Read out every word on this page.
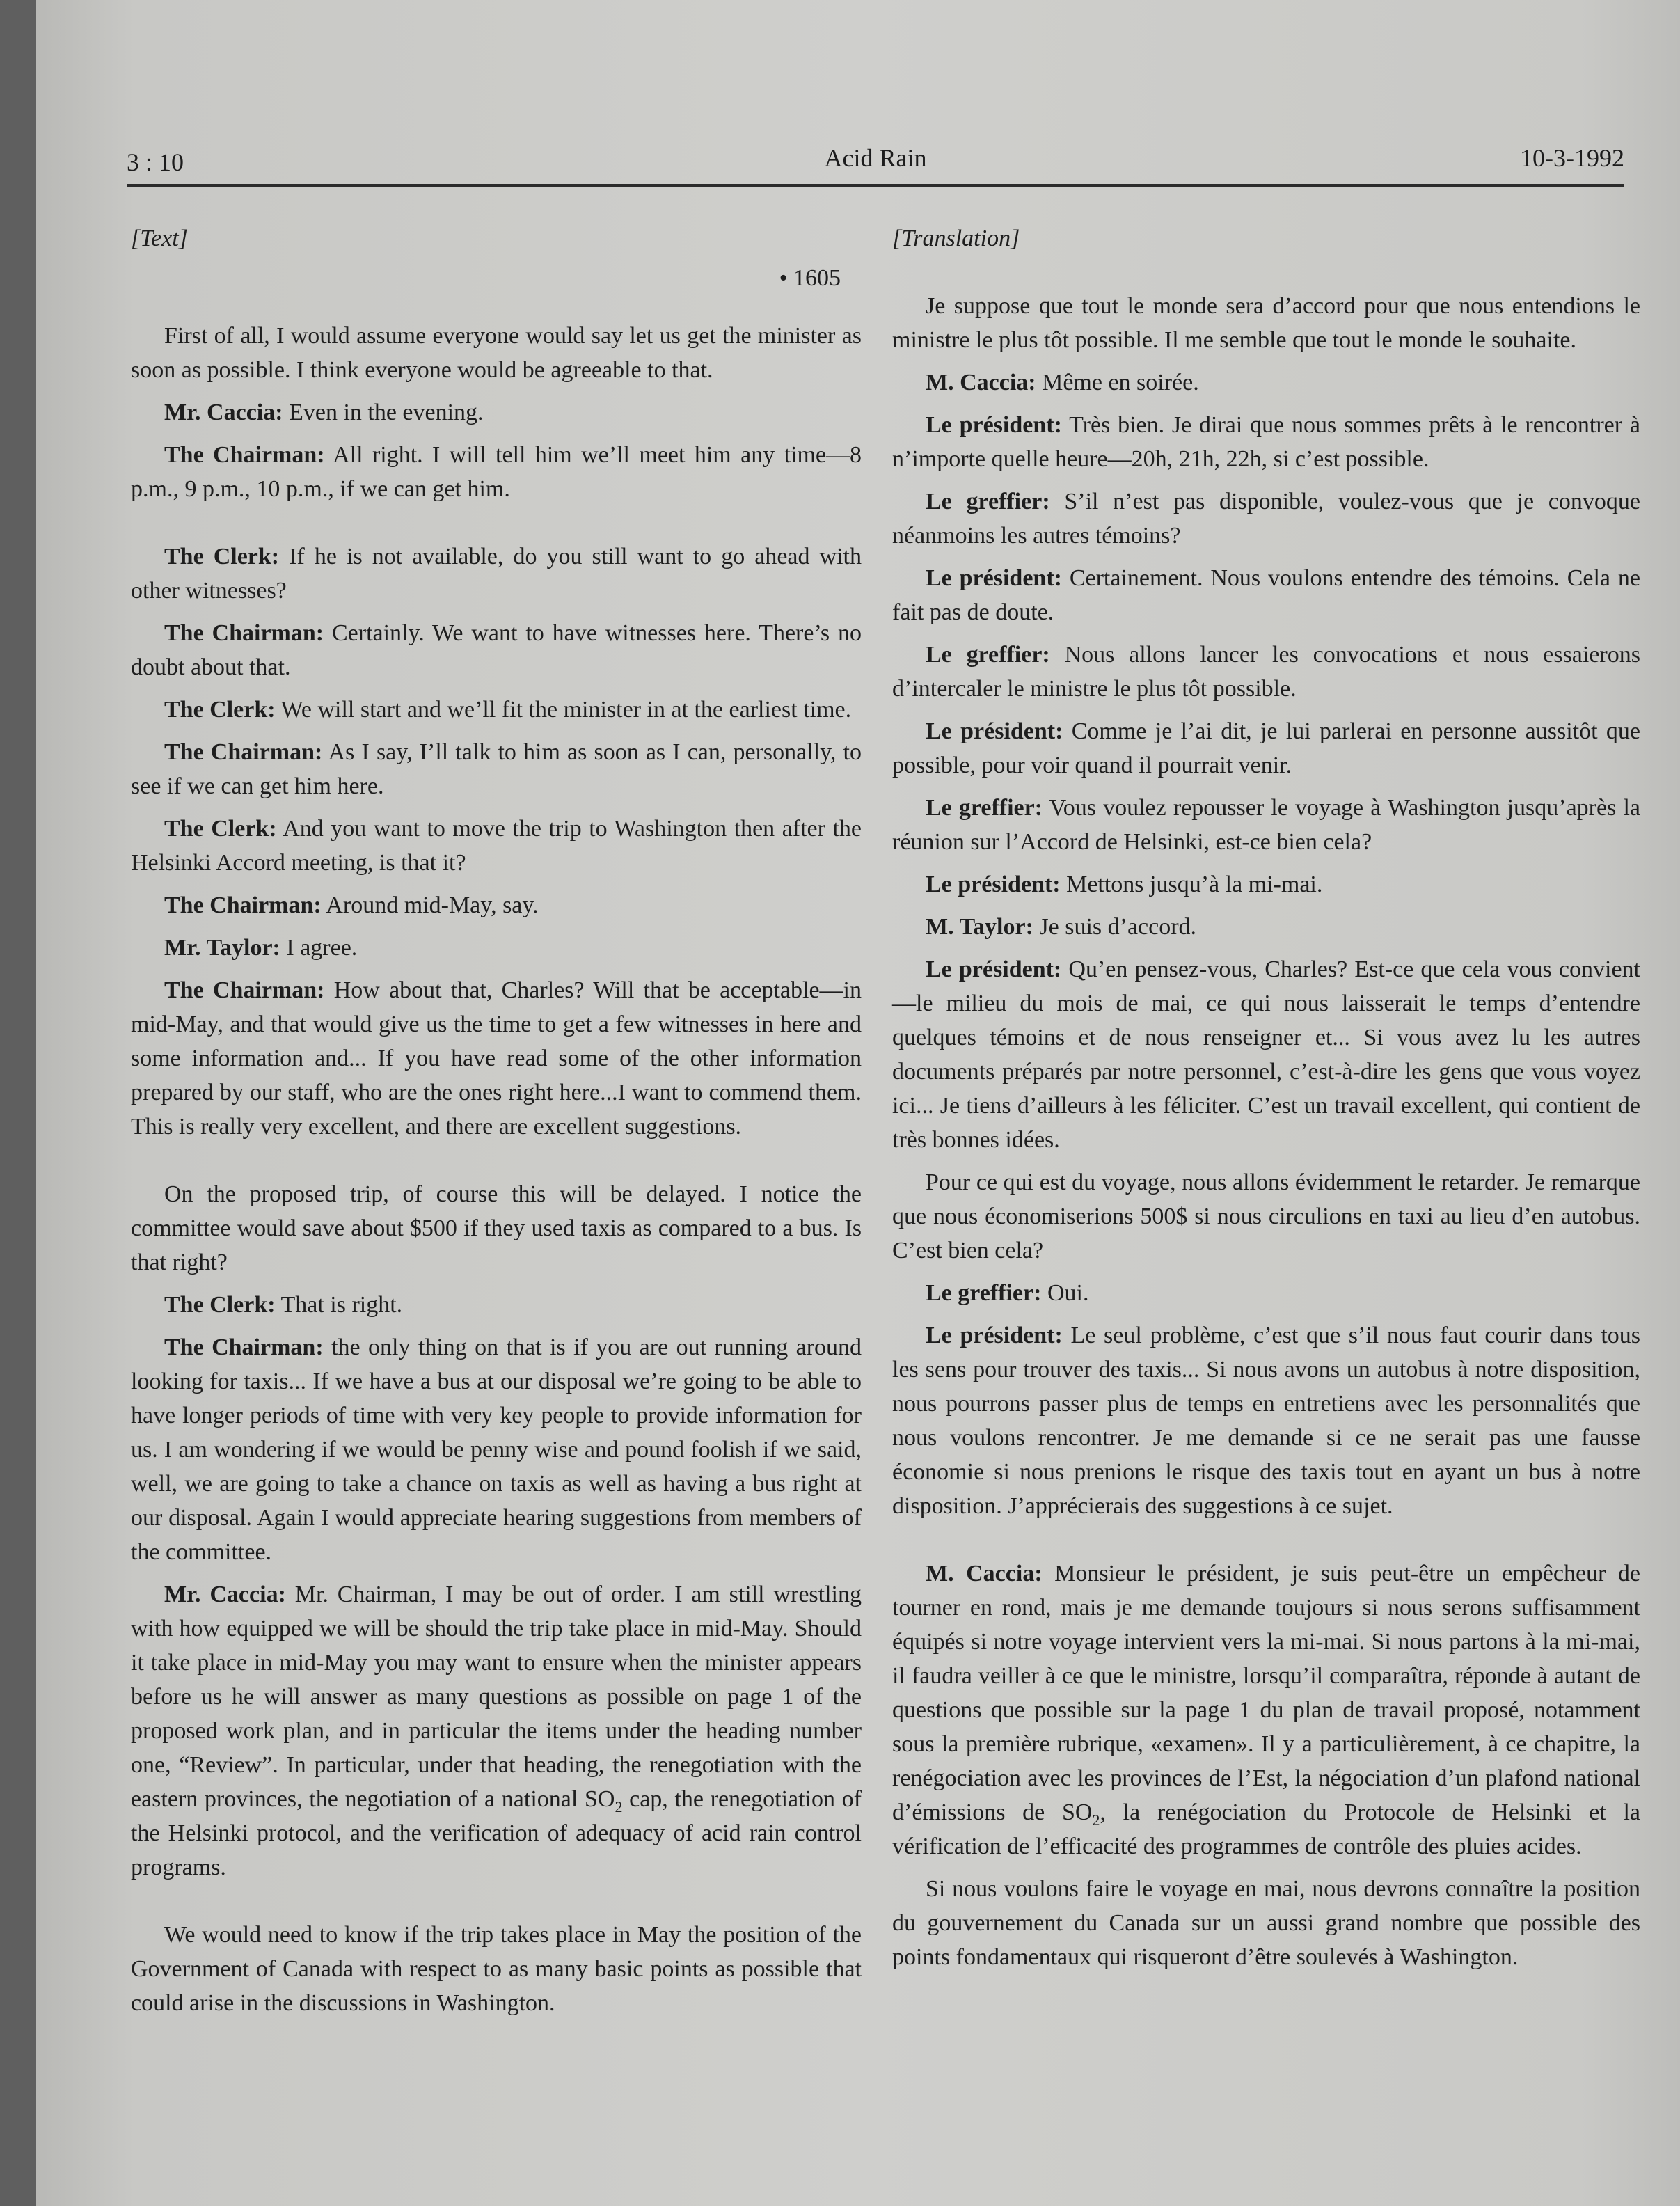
3 : 10	Acid Rain	10-3-1992
[Text]
• 1605

First of all, I would assume everyone would say let us get the minister as soon as possible. I think everyone would be agreeable to that.

Mr. Caccia: Even in the evening.

The Chairman: All right. I will tell him we’ll meet him any time—8 p.m., 9 p.m., 10 p.m., if we can get him.

The Clerk: If he is not available, do you still want to go ahead with other witnesses?

The Chairman: Certainly. We want to have witnesses here. There’s no doubt about that.

The Clerk: We will start and we’ll fit the minister in at the earliest time.

The Chairman: As I say, I’ll talk to him as soon as I can, personally, to see if we can get him here.

The Clerk: And you want to move the trip to Washington then after the Helsinki Accord meeting, is that it?

The Chairman: Around mid-May, say.

Mr. Taylor: I agree.

The Chairman: How about that, Charles? Will that be acceptable—in mid-May, and that would give us the time to get a few witnesses in here and some information and... If you have read some of the other information prepared by our staff, who are the ones right here...I want to commend them. This is really very excellent, and there are excellent suggestions.

On the proposed trip, of course this will be delayed. I notice the committee would save about $500 if they used taxis as compared to a bus. Is that right?

The Clerk: That is right.

The Chairman: the only thing on that is if you are out running around looking for taxis... If we have a bus at our disposal we’re going to be able to have longer periods of time with very key people to provide information for us. I am wondering if we would be penny wise and pound foolish if we said, well, we are going to take a chance on taxis as well as having a bus right at our disposal. Again I would appreciate hearing suggestions from members of the committee.

Mr. Caccia: Mr. Chairman, I may be out of order. I am still wrestling with how equipped we will be should the trip take place in mid-May. Should it take place in mid-May you may want to ensure when the minister appears before us he will answer as many questions as possible on page 1 of the proposed work plan, and in particular the items under the heading number one, “Review”. In particular, under that heading, the renegotiation with the eastern provinces, the negotiation of a national $SO_2$ cap, the renegotiation of the Helsinki protocol, and the verification of adequacy of acid rain control programs.

We would need to know if the trip takes place in May the position of the Government of Canada with respect to as many basic points as possible that could arise in the discussions in Washington.

[Translation]

Je suppose que tout le monde sera d’accord pour que nous entendions le ministre le plus tôt possible. Il me semble que tout le monde le souhaite.

M. Caccia: Même en soirée.

Le président: Très bien. Je dirai que nous sommes prêts à le rencontrer à n’importe quelle heure—20h, 21h, 22h, si c’est possible.

Le greffier: S’il n’est pas disponible, voulez-vous que je convoque néanmoins les autres témoins?

Le président: Certainement. Nous voulons entendre des témoins. Cela ne fait pas de doute.

Le greffier: Nous allons lancer les convocations et nous essaierons d’intercaler le ministre le plus tôt possible.

Le président: Comme je l’ai dit, je lui parlerai en personne aussitôt que possible, pour voir quand il pourrait venir.

Le greffier: Vous voulez repousser le voyage à Washington jusqu’après la réunion sur l’Accord de Helsinki, est-ce bien cela?

Le président: Mettons jusqu’à la mi-mai.

M. Taylor: Je suis d’accord.

Le président: Qu’en pensez-vous, Charles? Est-ce que cela vous convient—le milieu du mois de mai, ce qui nous laisserait le temps d’entendre quelques témoins et de nous renseigner et... Si vous avez lu les autres documents préparés par notre personnel, c’est-à-dire les gens que vous voyez ici... Je tiens d’ailleurs à les féliciter. C’est un travail excellent, qui contient de très bonnes idées.

Pour ce qui est du voyage, nous allons évidemment le retarder. Je remarque que nous économiserions 500$ si nous circulions en taxi au lieu d’en autobus. C’est bien cela?

Le greffier: Oui.

Le président: Le seul problème, c’est que s’il nous faut courir dans tous les sens pour trouver des taxis... Si nous avons un autobus à notre disposition, nous pourrons passer plus de temps en entretiens avec les personnalités que nous voulons rencontrer. Je me demande si ce ne serait pas une fausse économie si nous prenions le risque des taxis tout en ayant un bus à notre disposition. J’apprécierais des suggestions à ce sujet.

M. Caccia: Monsieur le président, je suis peut-être un empêcheur de tourner en rond, mais je me demande toujours si nous serons suffisamment équipés si notre voyage intervient vers la mi-mai. Si nous partons à la mi-mai, il faudra veiller à ce que le ministre, lorsqu’il comparaîtra, réponde à autant de questions que possible sur la page 1 du plan de travail proposé, notamment sous la première rubrique, «examen». Il y a particulièrement, à ce chapitre, la renégociation avec les provinces de l’Est, la négociation d’un plafond national d’émissions de $SO_2$, la renégociation du Protocole de Helsinki et la vérification de l’efficacité des programmes de contrôle des pluies acides.

Si nous voulons faire le voyage en mai, nous devrons connaître la position du gouvernement du Canada sur un aussi grand nombre que possible des points fondamentaux qui risqueront d’être soulevés à Washington.
